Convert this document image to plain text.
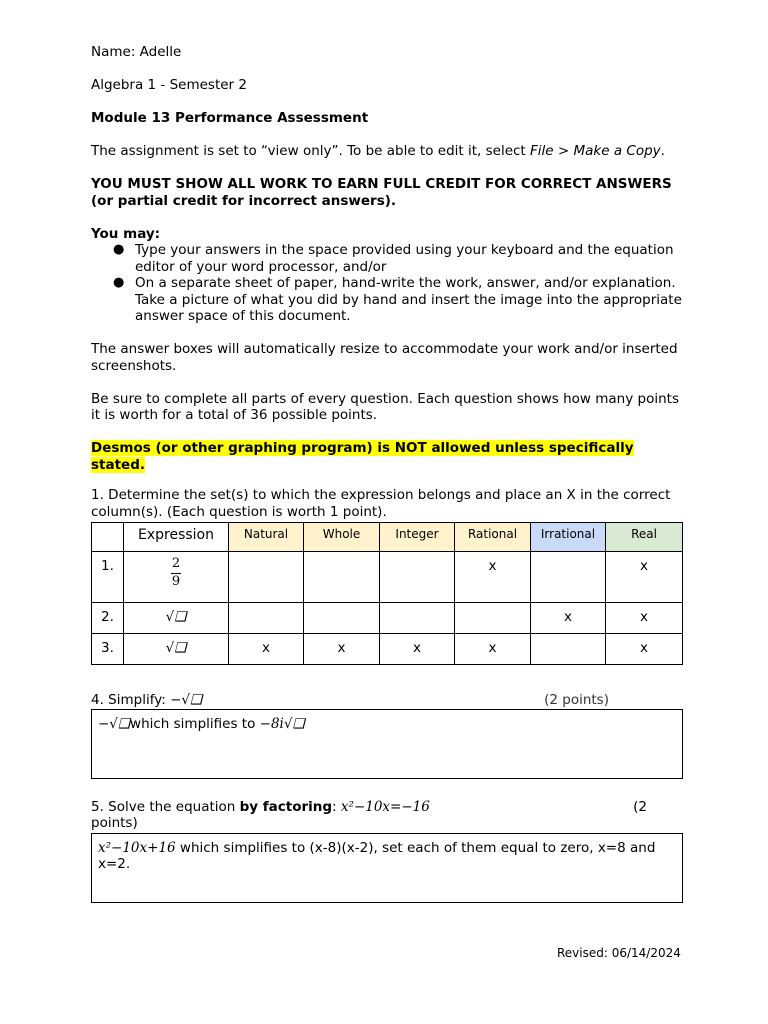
Name: Adelle

Algebra 1 - Semester 2

Module 13 Performance Assessment

The assignment is set to “view only”. To be able to edit it, select File > Make a Copy.

YOU MUST SHOW ALL WORK TO EARN FULL CREDIT FOR CORRECT ANSWERS (or partial credit for incorrect answers).

You may:

● Type your answers in the space provided using your keyboard and the equation editor of your word processor, and/or
● On a separate sheet of paper, hand-write the work, answer, and/or explanation. Take a picture of what you did by hand and insert the image into the appropriate answer space of this document.

The answer boxes will automatically resize to accommodate your work and/or inserted screenshots.

Be sure to complete all parts of every question. Each question shows how many points it is worth for a total of 36 possible points.

Desmos (or other graphing program) is NOT allowed unless specifically stated.

1. Determine the set(s) to which the expression belongs and place an X in the correct column(s). (Each question is worth 1 point).

	Expression	Natural	Whole	Integer	Rational	Irrational	Real
1.	$\frac{2}{9}$				x		x
2.	√❑					x	x
3.	√❑	x	x	x	x		x
4. Simplify: −√❑	(2 points)
−√❑which simplifies to −8i√❑
5. Solve the equation by factoring: x²−10x=−16	(2

points)

x²−10x+16 which simplifies to (x-8)(x-2), set each of them equal to zero, x=8 and x=2.
Revised: 06/14/2024
